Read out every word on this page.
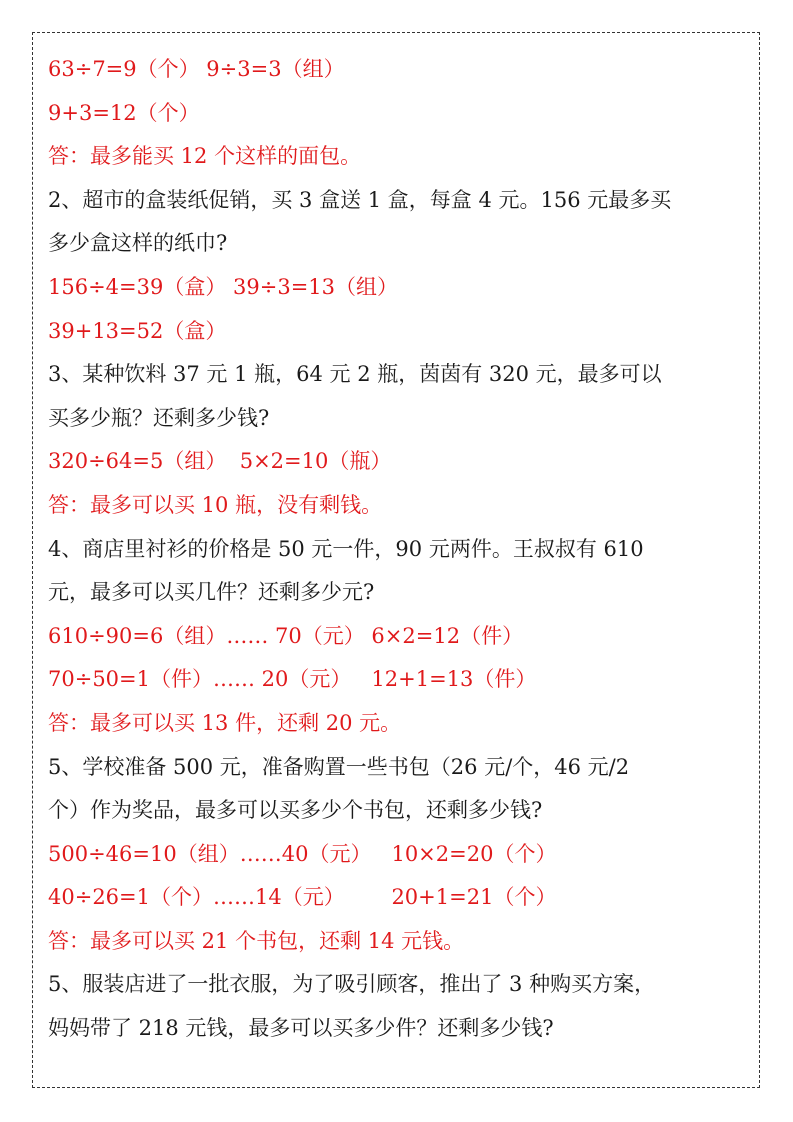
63÷7=9（个） 9÷3=3（组）
9+3=12（个）
答：最多能买 12 个这样的面包。
2、超市的盒装纸促销，买 3 盒送 1 盒，每盒 4 元。156 元最多买
多少盒这样的纸巾?
156÷4=39（盒） 39÷3=13（组）
39+13=52（盒）
3、某种饮料 37 元 1 瓶，64 元 2 瓶，茵茵有 320 元，最多可以
买多少瓶？还剩多少钱?
320÷64=5（组）  5×2=10（瓶）
答：最多可以买 10 瓶，没有剩钱。
4、商店里衬衫的价格是 50 元一件，90 元两件。王叔叔有 610
元，最多可以买几件？还剩多少元?
610÷90=6（组）…… 70（元） 6×2=12（件）
70÷50=1（件）…… 20（元）   12+1=13（件）
答：最多可以买 13 件，还剩 20 元。
5、学校准备 500 元，准备购置一些书包（26 元/个，46 元/2
个）作为奖品，最多可以买多少个书包，还剩多少钱?
500÷46=10（组）……40（元）   10×2=20（个）
40÷26=1（个）……14（元）       20+1=21（个）
答：最多可以买 21 个书包，还剩 14 元钱。
5、服装店进了一批衣服，为了吸引顾客，推出了 3 种购买方案，
妈妈带了 218 元钱，最多可以买多少件？还剩多少钱?
